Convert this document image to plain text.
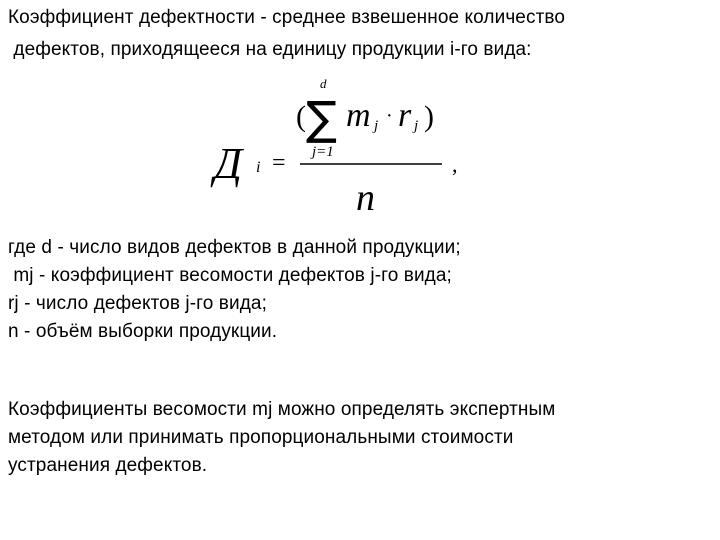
Коэффициент дефектности - среднее взвешенное количество
дефектов, приходящееся на единицу продукции i-го вида:
Д i =
(
d
∑
j=1
m j · r j )
n
,
где d - число видов дефектов в данной продукции;
mj - коэффициент весомости дефектов j-го вида;
rj - число дефектов j-го вида;
n - объём выборки продукции.
Коэффициенты весомости mj можно определять экспертным
методом или принимать пропорциональными стоимости
устранения дефектов.
